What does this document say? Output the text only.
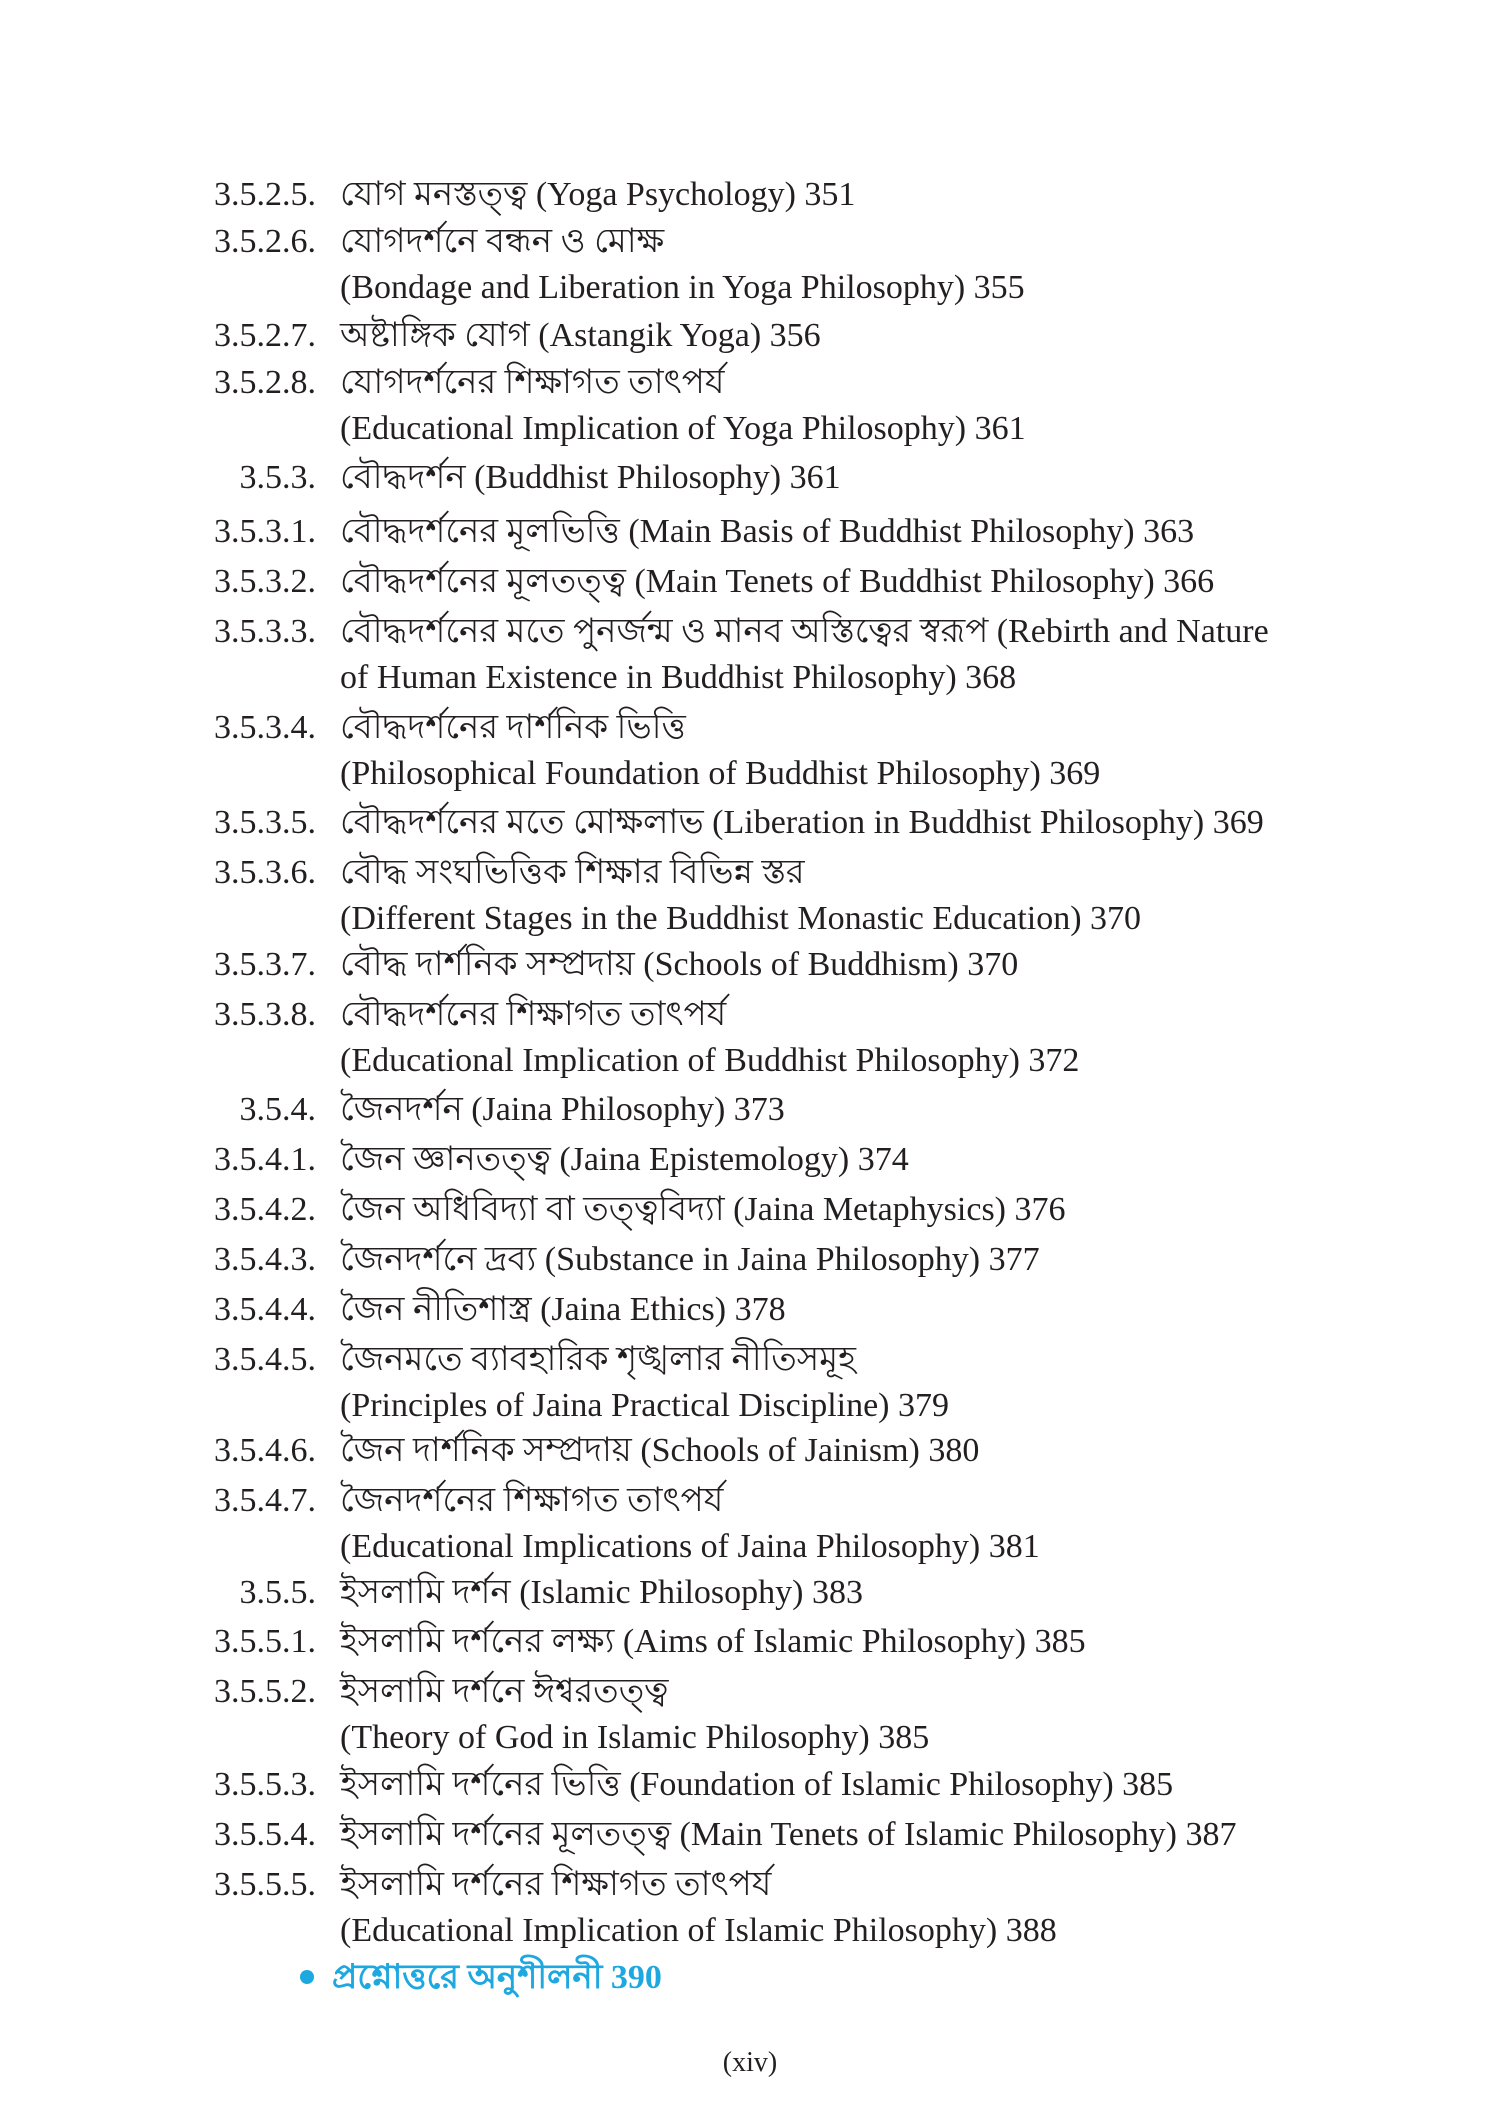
3.5.2.5. যোগ মনস্তত্ত্ব (Yoga Psychology) 351
3.5.2.6. যোগদর্শনে বন্ধন ও মোক্ষ
(Bondage and Liberation in Yoga Philosophy) 355
3.5.2.7. অষ্টাঙ্গিক যোগ (Astangik Yoga) 356
3.5.2.8. যোগদর্শনের শিক্ষাগত তাৎপর্য
(Educational Implication of Yoga Philosophy) 361
3.5.3. বৌদ্ধদর্শন (Buddhist Philosophy) 361
3.5.3.1. বৌদ্ধদর্শনের মূলভিত্তি (Main Basis of Buddhist Philosophy) 363
3.5.3.2. বৌদ্ধদর্শনের মূলতত্ত্ব (Main Tenets of Buddhist Philosophy) 366
3.5.3.3. বৌদ্ধদর্শনের মতে পুনর্জন্ম ও মানব অস্তিত্বের স্বরূপ (Rebirth and Nature
of Human Existence in Buddhist Philosophy) 368
3.5.3.4. বৌদ্ধদর্শনের দার্শনিক ভিত্তি
(Philosophical Foundation of Buddhist Philosophy) 369
3.5.3.5. বৌদ্ধদর্শনের মতে মোক্ষলাভ (Liberation in Buddhist Philosophy) 369
3.5.3.6. বৌদ্ধ সংঘভিত্তিক শিক্ষার বিভিন্ন স্তর
(Different Stages in the Buddhist Monastic Education) 370
3.5.3.7. বৌদ্ধ দার্শনিক সম্প্রদায় (Schools of Buddhism) 370
3.5.3.8. বৌদ্ধদর্শনের শিক্ষাগত তাৎপর্য
(Educational Implication of Buddhist Philosophy) 372
3.5.4. জৈনদর্শন (Jaina Philosophy) 373
3.5.4.1. জৈন জ্ঞানতত্ত্ব (Jaina Epistemology) 374
3.5.4.2. জৈন অধিবিদ্যা বা তত্ত্ববিদ্যা (Jaina Metaphysics) 376
3.5.4.3. জৈনদর্শনে দ্রব্য (Substance in Jaina Philosophy) 377
3.5.4.4. জৈন নীতিশাস্ত্র (Jaina Ethics) 378
3.5.4.5. জৈনমতে ব্যাবহারিক শৃঙ্খলার নীতিসমূহ
(Principles of Jaina Practical Discipline) 379
3.5.4.6. জৈন দার্শনিক সম্প্রদায় (Schools of Jainism) 380
3.5.4.7. জৈনদর্শনের শিক্ষাগত তাৎপর্য
(Educational Implications of Jaina Philosophy) 381
3.5.5. ইসলামি দর্শন (Islamic Philosophy) 383
3.5.5.1. ইসলামি দর্শনের লক্ষ্য (Aims of Islamic Philosophy) 385
3.5.5.2. ইসলামি দর্শনে ঈশ্বরতত্ত্ব
(Theory of God in Islamic Philosophy) 385
3.5.5.3. ইসলামি দর্শনের ভিত্তি (Foundation of Islamic Philosophy) 385
3.5.5.4. ইসলামি দর্শনের মূলতত্ত্ব (Main Tenets of Islamic Philosophy) 387
3.5.5.5. ইসলামি দর্শনের শিক্ষাগত তাৎপর্য
(Educational Implication of Islamic Philosophy) 388
প্রশ্নোত্তরে অনুশীলনী 390
(xiv)
